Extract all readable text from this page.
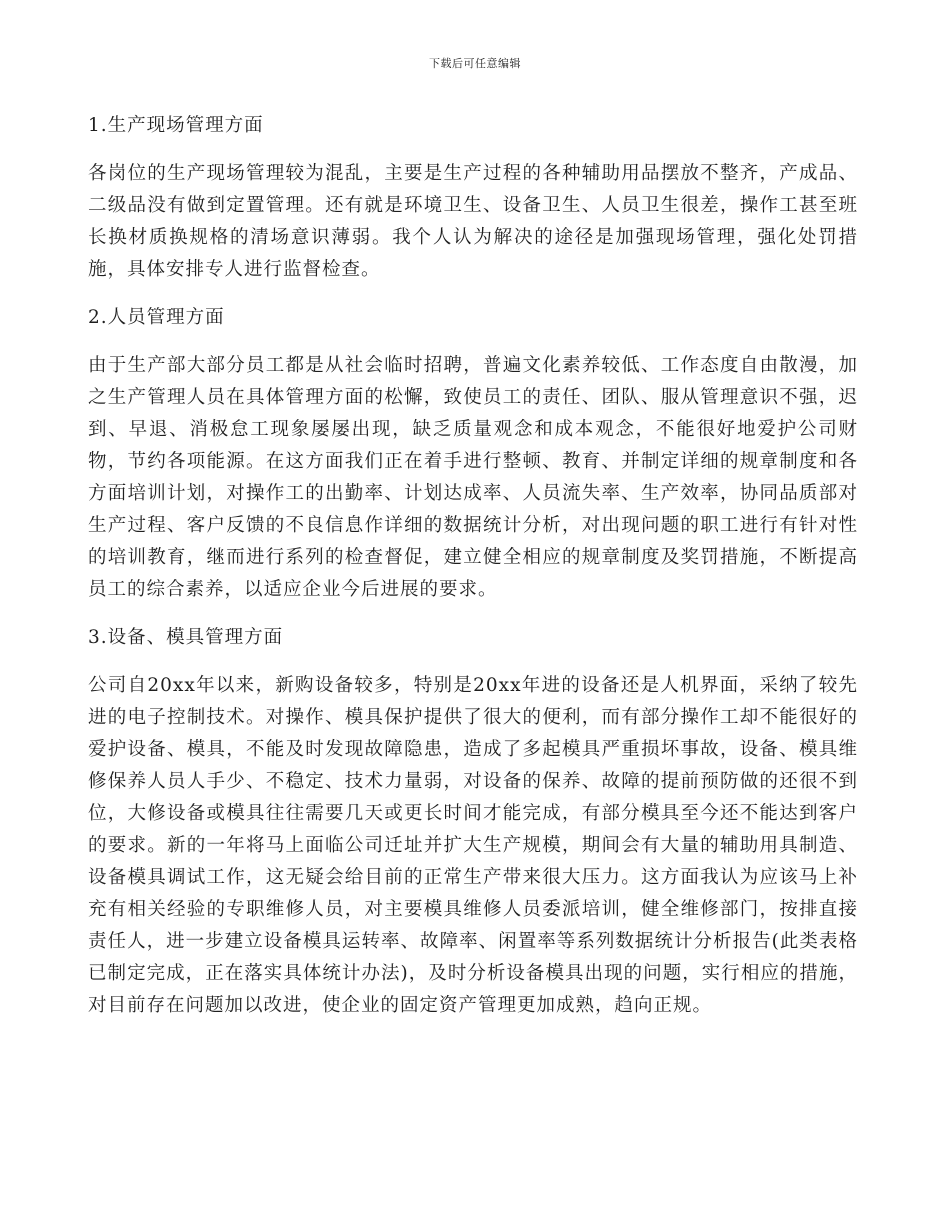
下载后可任意编辑
1.生产现场管理方面
各岗位的生产现场管理较为混乱，主要是生产过程的各种辅助用品摆放不整齐，产成品、二级品没有做到定置管理。还有就是环境卫生、设备卫生、人员卫生很差，操作工甚至班长换材质换规格的清场意识薄弱。我个人认为解决的途径是加强现场管理，强化处罚措施，具体安排专人进行监督检查。
2.人员管理方面
由于生产部大部分员工都是从社会临时招聘，普遍文化素养较低、工作态度自由散漫，加之生产管理人员在具体管理方面的松懈，致使员工的责任、团队、服从管理意识不强，迟到、早退、消极怠工现象屡屡出现，缺乏质量观念和成本观念，不能很好地爱护公司财物，节约各项能源。在这方面我们正在着手进行整顿、教育、并制定详细的规章制度和各方面培训计划，对操作工的出勤率、计划达成率、人员流失率、生产效率，协同品质部对生产过程、客户反馈的不良信息作详细的数据统计分析，对出现问题的职工进行有针对性的培训教育，继而进行系列的检查督促，建立健全相应的规章制度及奖罚措施，不断提高员工的综合素养，以适应企业今后进展的要求。
3.设备、模具管理方面
公司自20xx年以来，新购设备较多，特别是20xx年进的设备还是人机界面，采纳了较先进的电子控制技术。对操作、模具保护提供了很大的便利，而有部分操作工却不能很好的爱护设备、模具，不能及时发现故障隐患，造成了多起模具严重损坏事故，设备、模具维修保养人员人手少、不稳定、技术力量弱，对设备的保养、故障的提前预防做的还很不到位，大修设备或模具往往需要几天或更长时间才能完成，有部分模具至今还不能达到客户的要求。新的一年将马上面临公司迁址并扩大生产规模，期间会有大量的辅助用具制造、设备模具调试工作，这无疑会给目前的正常生产带来很大压力。这方面我认为应该马上补充有相关经验的专职维修人员，对主要模具维修人员委派培训，健全维修部门，按排直接责任人，进一步建立设备模具运转率、故障率、闲置率等系列数据统计分析报告(此类表格已制定完成，正在落实具体统计办法)，及时分析设备模具出现的问题，实行相应的措施，对目前存在问题加以改进，使企业的固定资产管理更加成熟，趋向正规。
